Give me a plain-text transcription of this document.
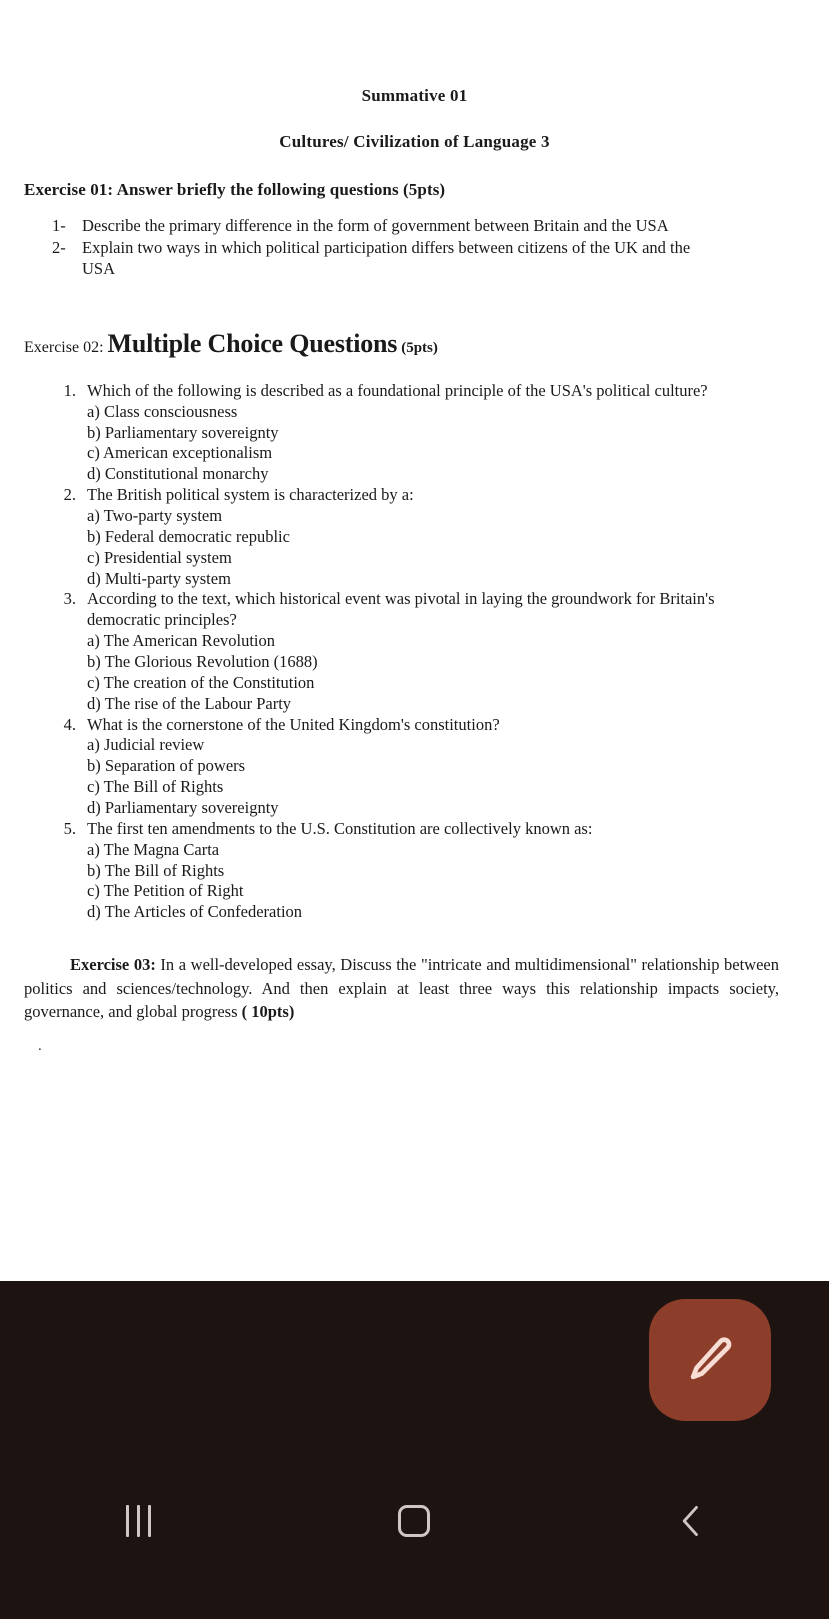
Summative 01
Cultures/ Civilization of Language 3
Exercise 01: Answer briefly the following questions (5pts)
1- Describe the primary difference in the form of government between Britain and the USA
2- Explain two ways in which political participation differs between citizens of the UK and the USA
Exercise 02: Multiple Choice Questions (5pts)
1. Which of the following is described as a foundational principle of the USA's political culture?
a) Class consciousness
b) Parliamentary sovereignty
c) American exceptionalism
d) Constitutional monarchy
2. The British political system is characterized by a:
a) Two-party system
b) Federal democratic republic
c) Presidential system
d) Multi-party system
3. According to the text, which historical event was pivotal in laying the groundwork for Britain's democratic principles?
a) The American Revolution
b) The Glorious Revolution (1688)
c) The creation of the Constitution
d) The rise of the Labour Party
4. What is the cornerstone of the United Kingdom's constitution?
a) Judicial review
b) Separation of powers
c) The Bill of Rights
d) Parliamentary sovereignty
5. The first ten amendments to the U.S. Constitution are collectively known as:
a) The Magna Carta
b) The Bill of Rights
c) The Petition of Right
d) The Articles of Confederation

Exercise 03: In a well-developed essay, Discuss the "intricate and multidimensional" relationship between politics and sciences/technology. And then explain at least three ways this relationship impacts society, governance, and global progress ( 10pts)

.
